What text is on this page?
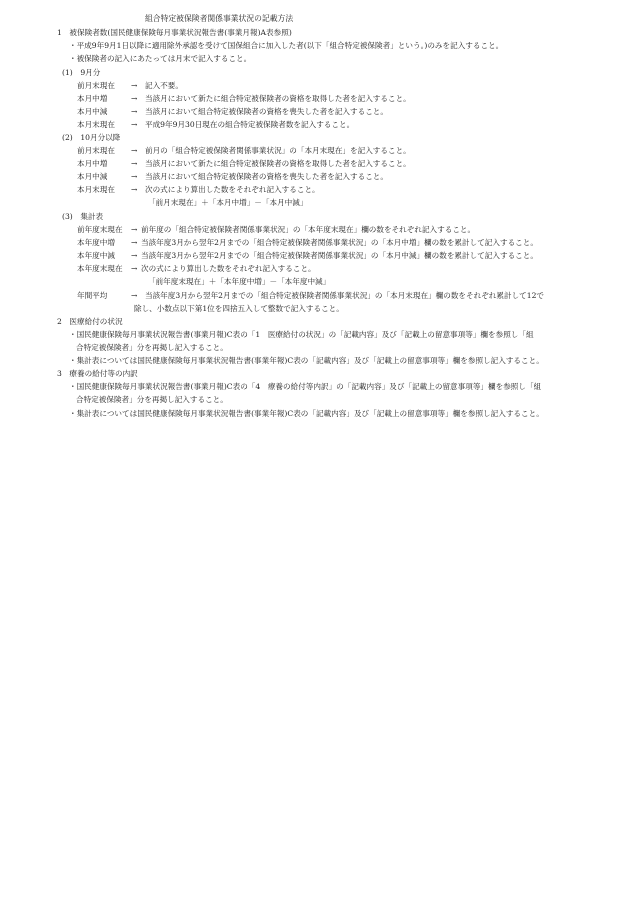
組合特定被保険者関係事業状況の記載方法
1　被保険者数(国民健康保険毎月事業状況報告書(事業月報)A表参照)
・平成9年9月1日以降に適用除外承認を受けて国保組合に加入した者(以下「組合特定被保険者」という。)のみを記入すること。
・被保険者の記入にあたっては月末で記入すること。
(1)　9月分
前月末現在 → 記入不要。
本月中増	→ 当該月において新たに組合特定被保険者の資格を取得した者を記入すること。
本月中減	→ 当該月において組合特定被保険者の資格を喪失した者を記入すること。
本月末現在 → 平成9年9月30日現在の組合特定被保険者数を記入すること。
(2)　10月分以降
前月末現在 → 前月の「組合特定被保険者関係事業状況」の「本月末現在」を記入すること。
本月中増	→ 当該月において新たに組合特定被保険者の資格を取得した者を記入すること。
本月中減	→ 当該月において組合特定被保険者の資格を喪失した者を記入すること。
本月末現在 → 次の式により算出した数をそれぞれ記入すること。
「前月末現在」＋「本月中増」－「本月中減」
(3)　集計表
前年度末現在 → 前年度の「組合特定被保険者関係事業状況」の「本年度末現在」欄の数をそれぞれ記入すること。
本年度中増 → 当該年度3月から翌年2月までの「組合特定被保険者関係事業状況」の「本月中増」欄の数を累計して記入すること。
本年度中減 → 当該年度3月から翌年2月までの「組合特定被保険者関係事業状況」の「本月中減」欄の数を累計して記入すること。
本年度末現在 → 次の式により算出した数をそれぞれ記入すること。
「前年度末現在」＋「本年度中増」－「本年度中減」
年間平均	→ 当該年度3月から翌年2月までの「組合特定被保険者関係事業状況」の「本月末現在」欄の数をそれぞれ累計して12で
除し、小数点以下第1位を四捨五入して整数で記入すること。
2　医療給付の状況
・国民健康保険毎月事業状況報告書(事業月報)C表の「1　医療給付の状況」の「記載内容」及び「記載上の留意事項等」欄を参照し「組
合特定被保険者」分を再掲し記入すること。
・集計表については国民健康保険毎月事業状況報告書(事業年報)C表の「記載内容」及び「記載上の留意事項等」欄を参照し記入すること。
3　療養の給付等の内訳
・国民健康保険毎月事業状況報告書(事業月報)C表の「4　療養の給付等内訳」の「記載内容」及び「記載上の留意事項等」欄を参照し「組
合特定被保険者」分を再掲し記入すること。
・集計表については国民健康保険毎月事業状況報告書(事業年報)C表の「記載内容」及び「記載上の留意事項等」欄を参照し記入すること。
